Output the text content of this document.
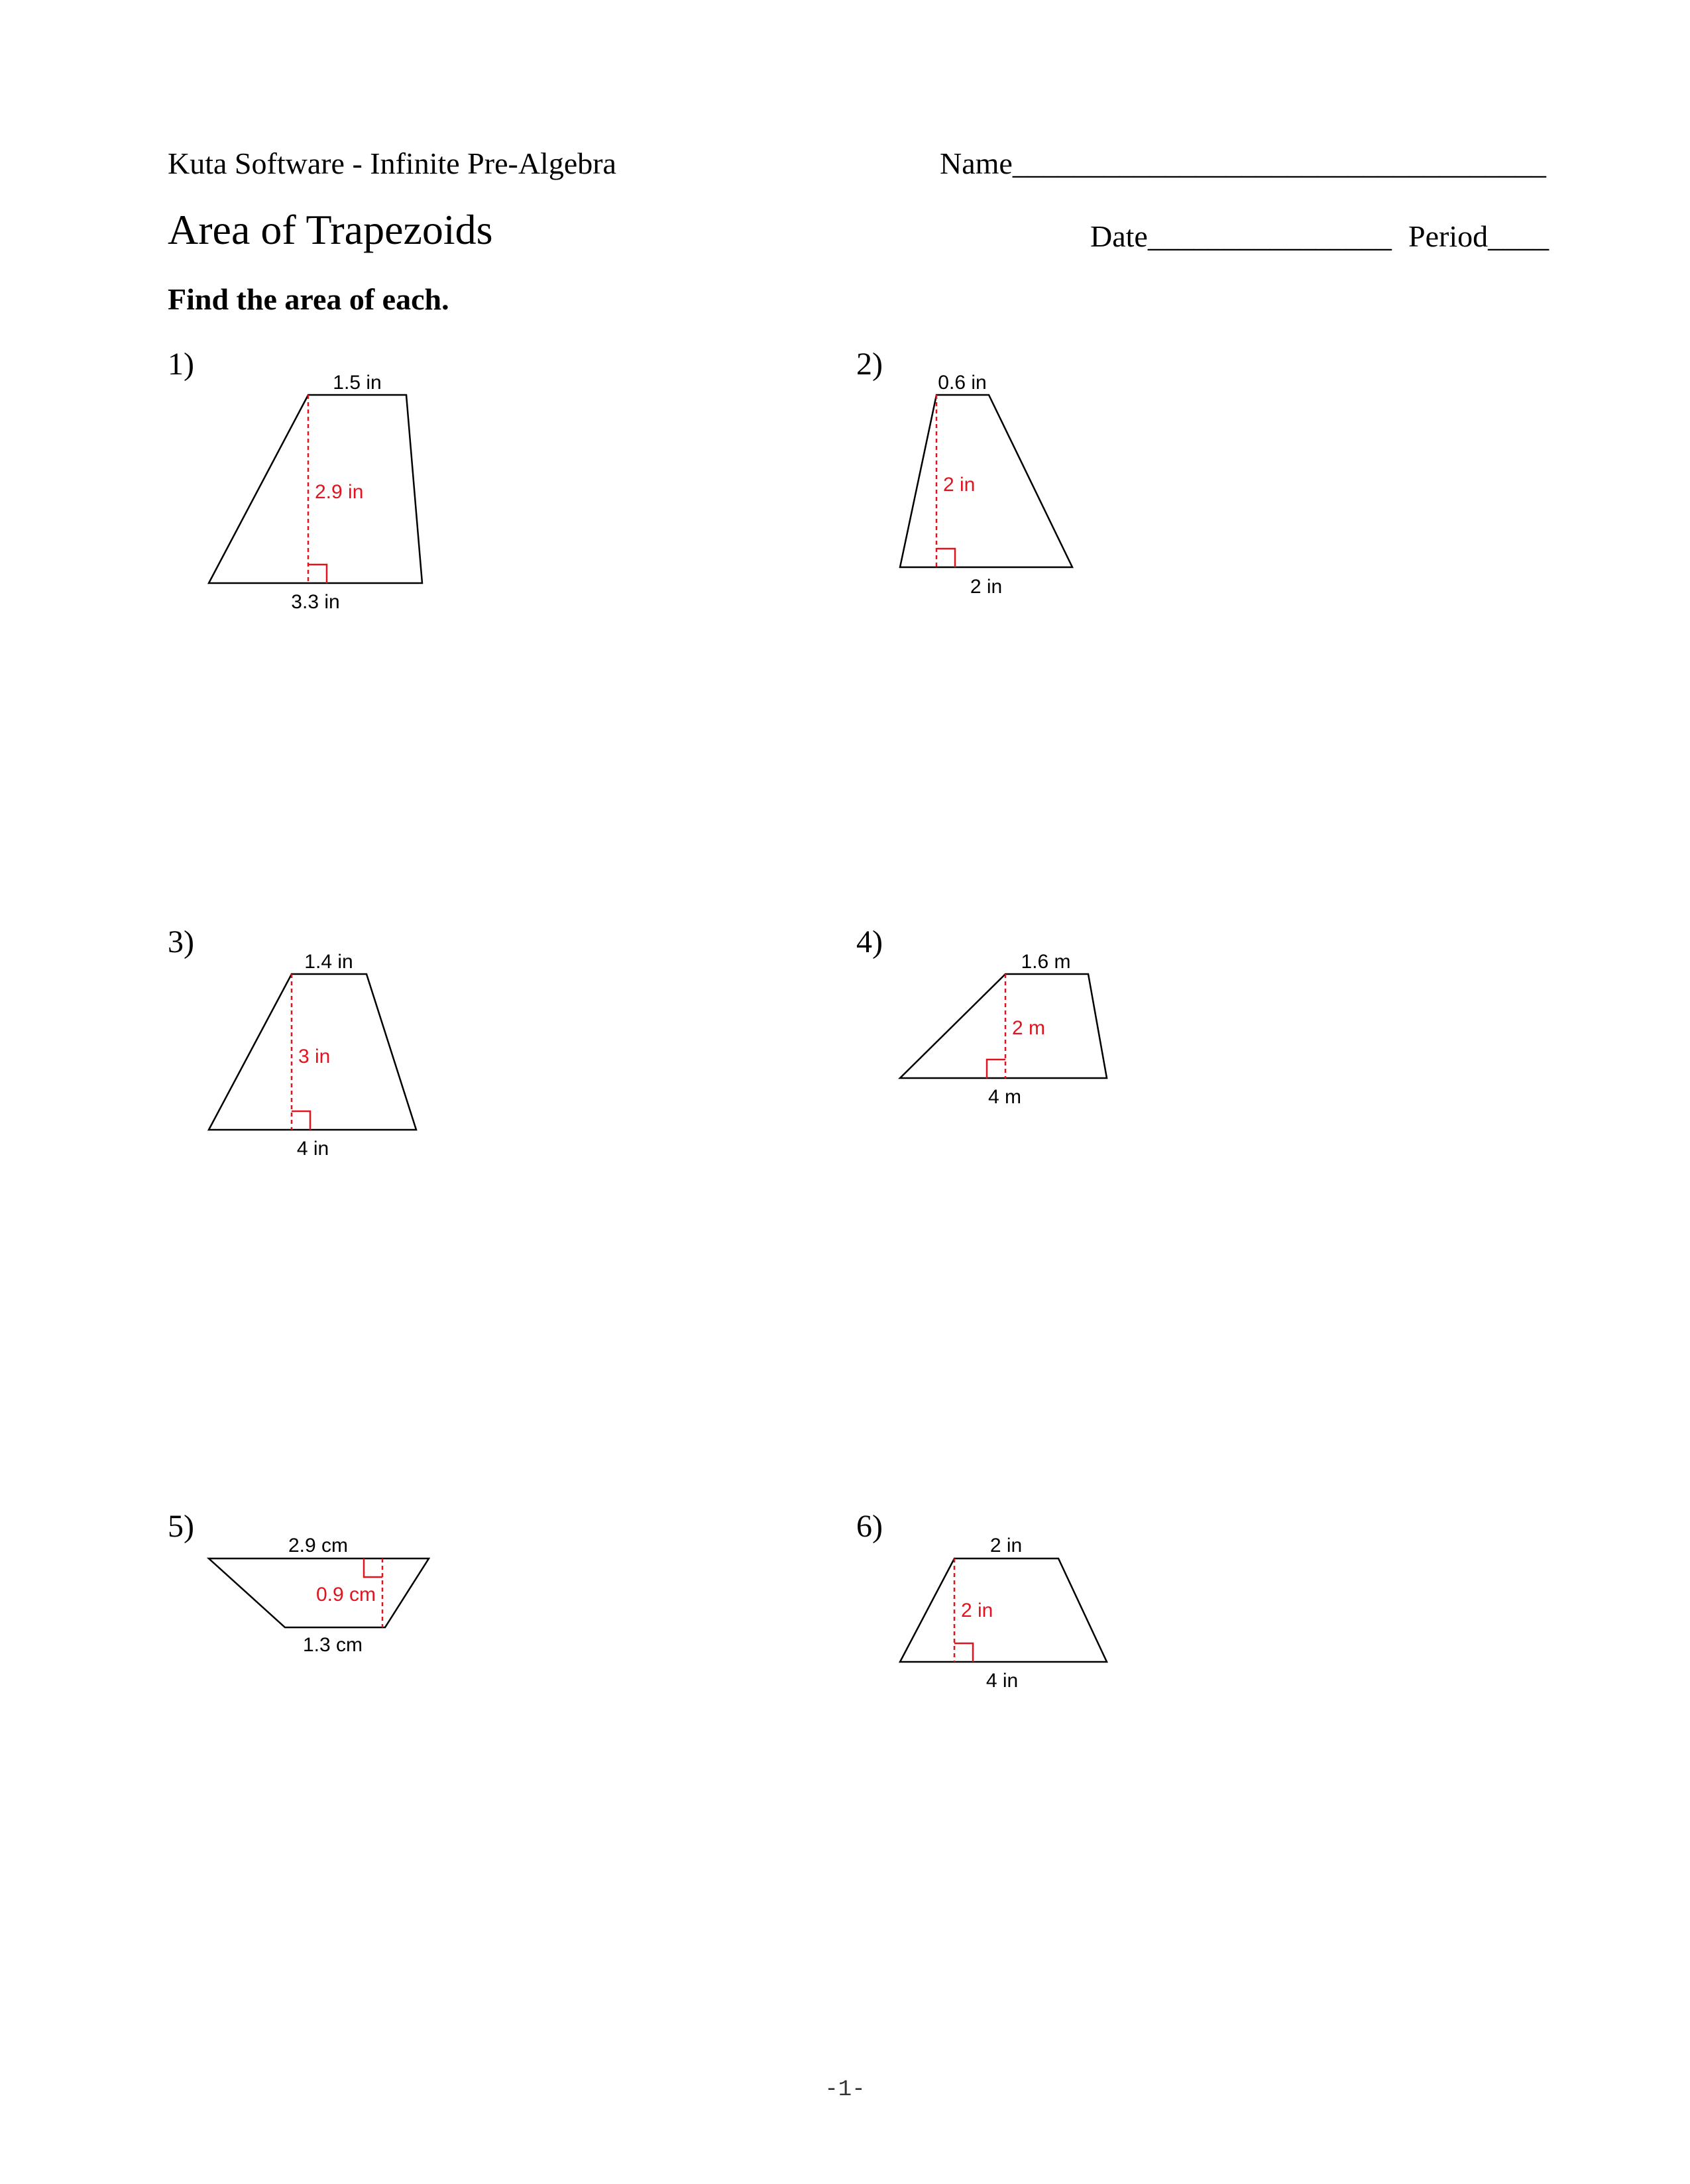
Kuta Software - Infinite Pre-Algebra	Name___________________________________
Area of Trapezoids	Date________________ Period____
Find the area of each.
1)	2)
3)	4)
5)	6)
1.5 in
2.9 in
3.3 in
0.6 in
2 in
2 in
1.4 in
3 in
4 in
1.6 m
2 m
4 m
2.9 cm
0.9 cm
1.3 cm
2 in
2 in
4 in
-1-
